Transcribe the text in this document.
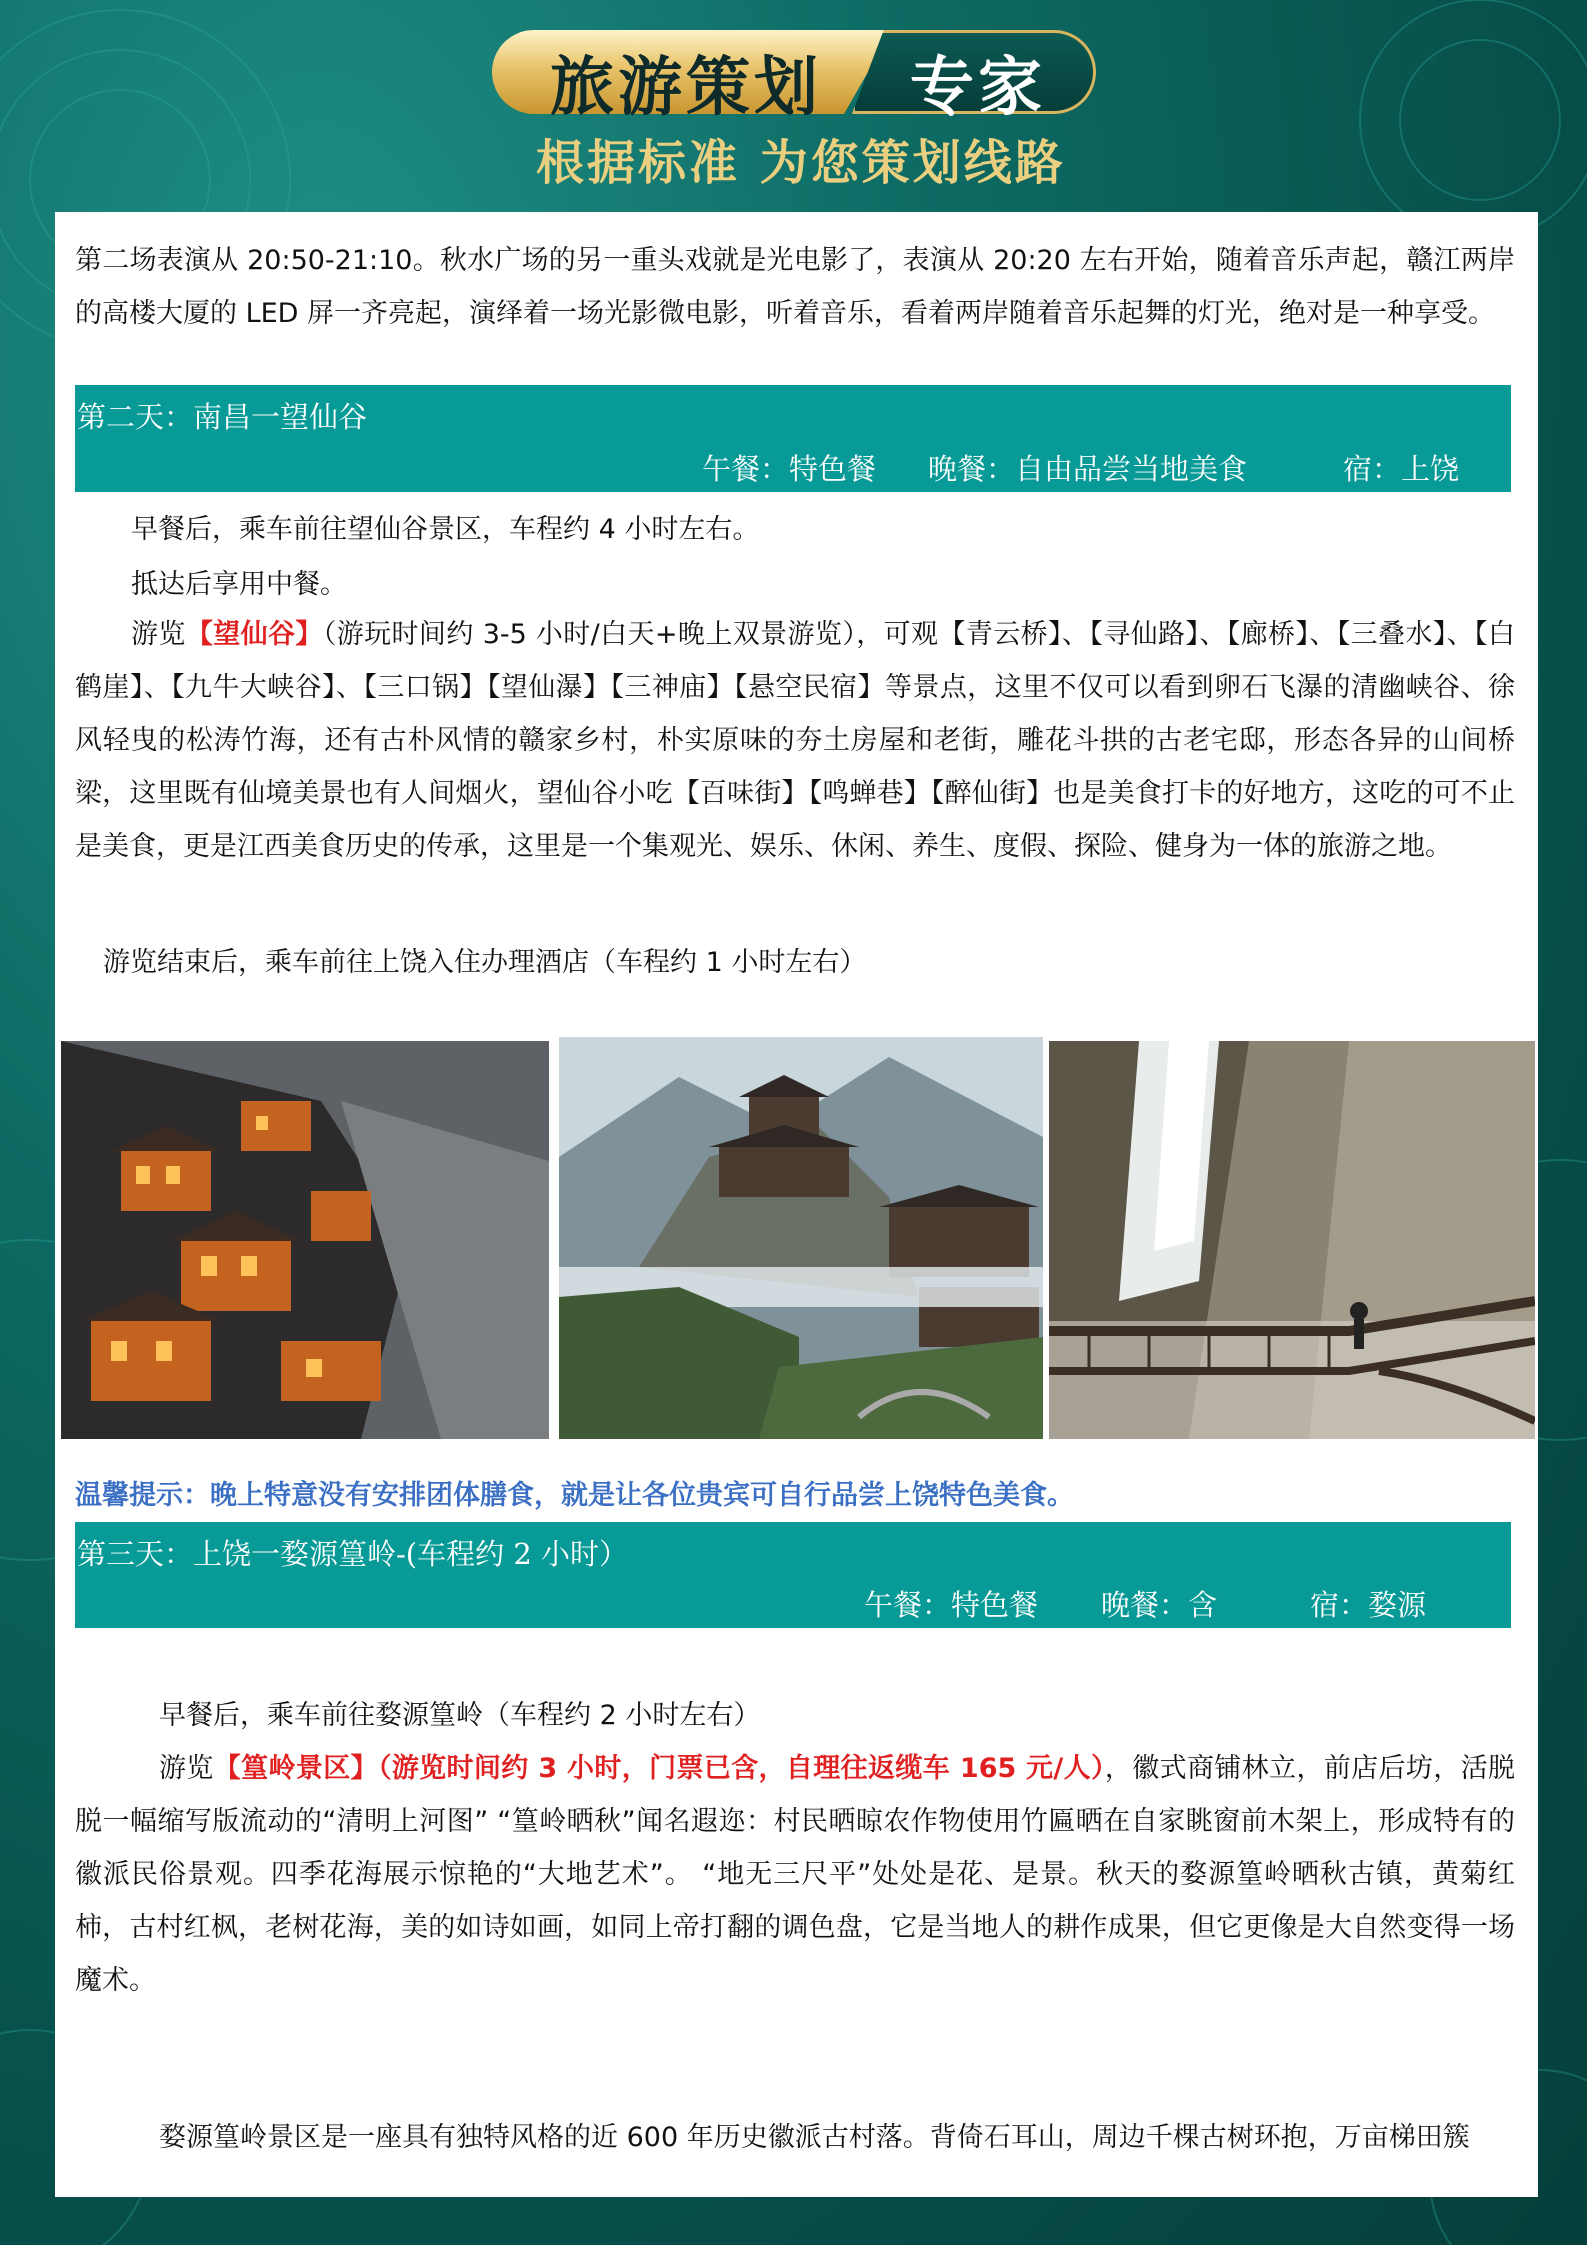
旅游策划 专家
根据标准 为您策划线路
第二场表演从 20:50-21:10。秋水广场的另一重头戏就是光电影了，表演从 20:20 左右开始，随着音乐声起，赣江两岸的高楼大厦的 LED 屏一齐亮起，演绎着一场光影微电影，听着音乐，看着两岸随着音乐起舞的灯光，绝对是一种享受。
第二天：南昌一望仙谷
午餐：特色餐 晚餐：自由品尝当地美食	宿：上饶
早餐后，乘车前往望仙谷景区，车程约 4 小时左右。
抵达后享用中餐。
游览【望仙谷】（游玩时间约 3-5 小时/白天+晚上双景游览），可观【青云桥】、【寻仙路】、【廊桥】、【三叠水】、【白鹤崖】、【九牛大峡谷】、【三口锅】【望仙瀑】【三神庙】【悬空民宿】等景点，这里不仅可以看到卵石飞瀑的清幽峡谷、徐风轻曳的松涛竹海，还有古朴风情的赣家乡村，朴实原味的夯土房屋和老街，雕花斗拱的古老宅邸，形态各异的山间桥梁，这里既有仙境美景也有人间烟火，望仙谷小吃【百味街】【鸣蝉巷】【醉仙街】也是美食打卡的好地方，这吃的可不止是美食，更是江西美食历史的传承，这里是一个集观光、娱乐、休闲、养生、度假、探险、健身为一体的旅游之地。
游览结束后，乘车前往上饶入住办理酒店（车程约 1 小时左右）
温馨提示：晚上特意没有安排团体膳食，就是让各位贵宾可自行品尝上饶特色美食。
第三天：上饶一婺源篁岭-(车程约 2 小时）
午餐：特色餐 晚餐：含	宿：婺源
早餐后，乘车前往婺源篁岭（车程约 2 小时左右）
游览【篁岭景区】（游览时间约 3 小时，门票已含，自理往返缆车 165 元/人），徽式商铺林立，前店后坊，活脱脱一幅缩写版流动的“清明上河图” “篁岭晒秋”闻名遐迩：村民晒晾农作物使用竹匾晒在自家眺窗前木架上，形成特有的徽派民俗景观。四季花海展示惊艳的“大地艺术”。 “地无三尺平”处处是花、是景。秋天的婺源篁岭晒秋古镇，黄菊红柿，古村红枫，老树花海，美的如诗如画，如同上帝打翻的调色盘，它是当地人的耕作成果，但它更像是大自然变得一场魔术。
婺源篁岭景区是一座具有独特风格的近 600 年历史徽派古村落。背倚石耳山，周边千棵古树环抱，万亩梯田簇
